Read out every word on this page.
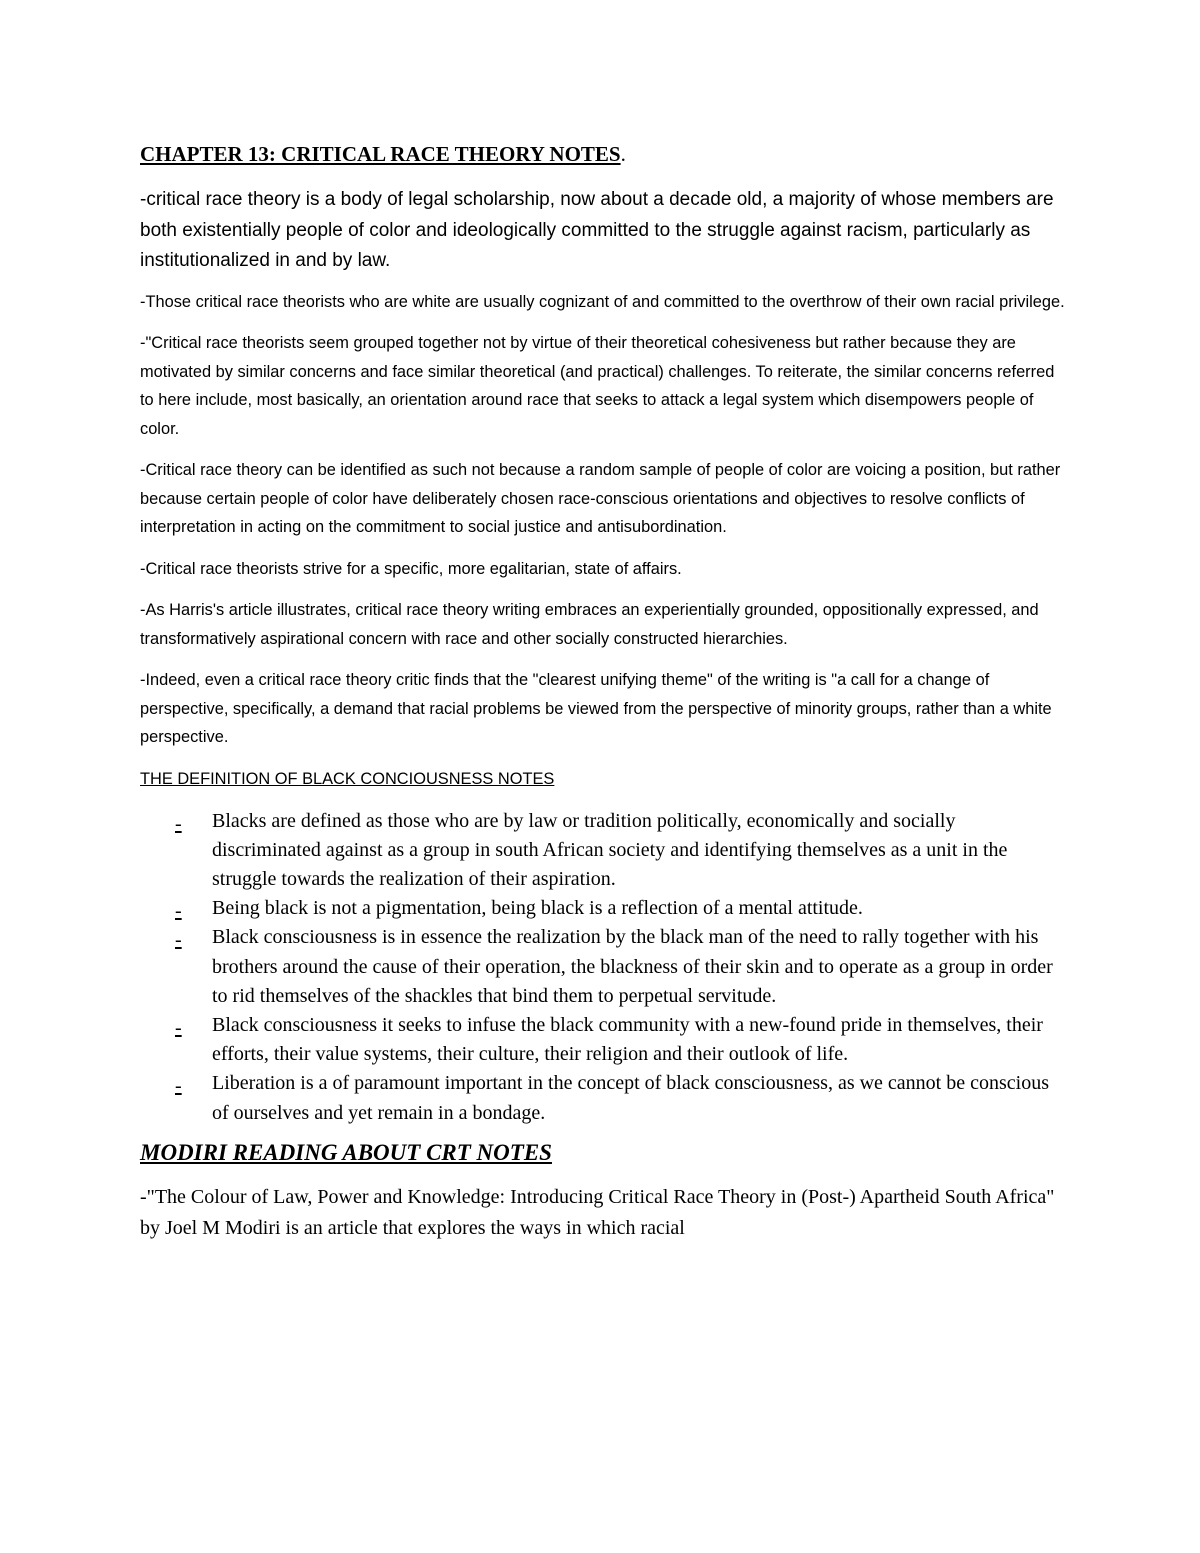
CHAPTER 13: CRITICAL RACE THEORY NOTES.

-critical race theory is a body of legal scholarship, now about a decade old, a majority of whose members are both existentially people of color and ideologically committed to the struggle against racism, particularly as institutionalized in and by law.

-Those critical race theorists who are white are usually cognizant of and committed to the overthrow of their own racial privilege.

-"Critical race theorists seem grouped together not by virtue of their theoretical cohesiveness but rather because they are motivated by similar concerns and face similar theoretical (and practical) challenges. To reiterate, the similar concerns referred to here include, most basically, an orientation around race that seeks to attack a legal system which disempowers people of color.

-Critical race theory can be identified as such not because a random sample of people of color are voicing a position, but rather because certain people of color have deliberately chosen race-conscious orientations and objectives to resolve conflicts of interpretation in acting on the commitment to social justice and antisubordination.

-Critical race theorists strive for a specific, more egalitarian, state of affairs.

-As Harris's article illustrates, critical race theory writing embraces an experientially grounded, oppositionally expressed, and transformatively aspirational concern with race and other socially constructed hierarchies.

-Indeed, even a critical race theory critic finds that the "clearest unifying theme" of the writing is "a call for a change of perspective, specifically, a demand that racial problems be viewed from the perspective of minority groups, rather than a white perspective.

THE DEFINITION OF BLACK CONCIOUSNESS NOTES
- Blacks are defined as those who are by law or tradition politically, economically and socially discriminated against as a group in south African society and identifying themselves as a unit in the struggle towards the realization of their aspiration.
- Being black is not a pigmentation, being black is a reflection of a mental attitude.
- Black consciousness is in essence the realization by the black man of the need to rally together with his brothers around the cause of their operation, the blackness of their skin and to operate as a group in order to rid themselves of the shackles that bind them to perpetual servitude.
- Black consciousness it seeks to infuse the black community with a new-found pride in themselves, their efforts, their value systems, their culture, their religion and their outlook of life.
- Liberation is a of paramount important in the concept of black consciousness, as we cannot be conscious of ourselves and yet remain in a bondage.
MODIRI READING ABOUT CRT NOTES

-"The Colour of Law, Power and Knowledge: Introducing Critical Race Theory in (Post-) Apartheid South Africa" by Joel M Modiri is an article that explores the ways in which racial
